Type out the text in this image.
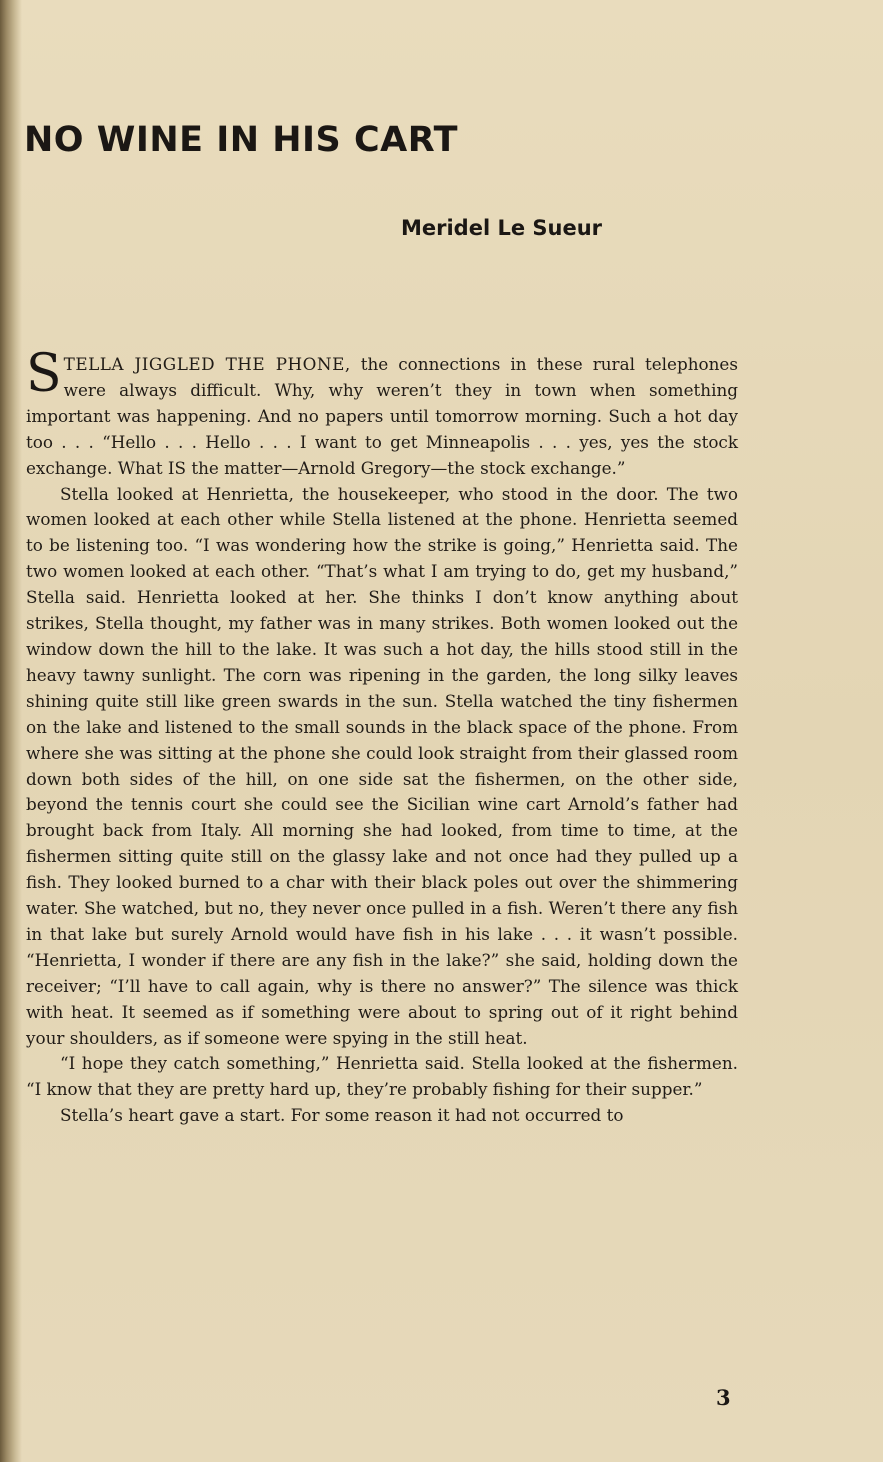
NO WINE IN HIS CART
Meridel Le Sueur

STELLA JIGGLED THE PHONE, the connections in these rural telephones were always difficult. Why, why weren’t they in town when something important was happening. And no papers until tomorrow morning. Such a hot day too . . . “Hello . . . Hello . . . I want to get Minneapolis . . . yes, yes the stock exchange. What IS the matter—Arnold Gregory—the stock exchange.”

Stella looked at Henrietta, the housekeeper, who stood in the door. The two women looked at each other while Stella listened at the phone. Henrietta seemed to be listening too. “I was wondering how the strike is going,” Henrietta said. The two women looked at each other. “That’s what I am trying to do, get my husband,” Stella said. Henrietta looked at her. She thinks I don’t know anything about strikes, Stella thought, my father was in many strikes. Both women looked out the window down the hill to the lake. It was such a hot day, the hills stood still in the heavy tawny sunlight. The corn was ripening in the garden, the long silky leaves shining quite still like green swards in the sun. Stella watched the tiny fishermen on the lake and listened to the small sounds in the black space of the phone. From where she was sitting at the phone she could look straight from their glassed room down both sides of the hill, on one side sat the fishermen, on the other side, beyond the tennis court she could see the Sicilian wine cart Arnold’s father had brought back from Italy. All morning she had looked, from time to time, at the fishermen sitting quite still on the glassy lake and not once had they pulled up a fish. They looked burned to a char with their black poles out over the shimmering water. She watched, but no, they never once pulled in a fish. Weren’t there any fish in that lake but surely Arnold would have fish in his lake . . . it wasn’t possible. “Henrietta, I wonder if there are any fish in the lake?” she said, holding down the receiver; “I’ll have to call again, why is there no answer?” The silence was thick with heat. It seemed as if something were about to spring out of it right behind your shoulders, as if someone were spying in the still heat.

“I hope they catch something,” Henrietta said. Stella looked at the fishermen. “I know that they are pretty hard up, they’re probably fishing for their supper.”

Stella’s heart gave a start. For some reason it had not occurred to

3
